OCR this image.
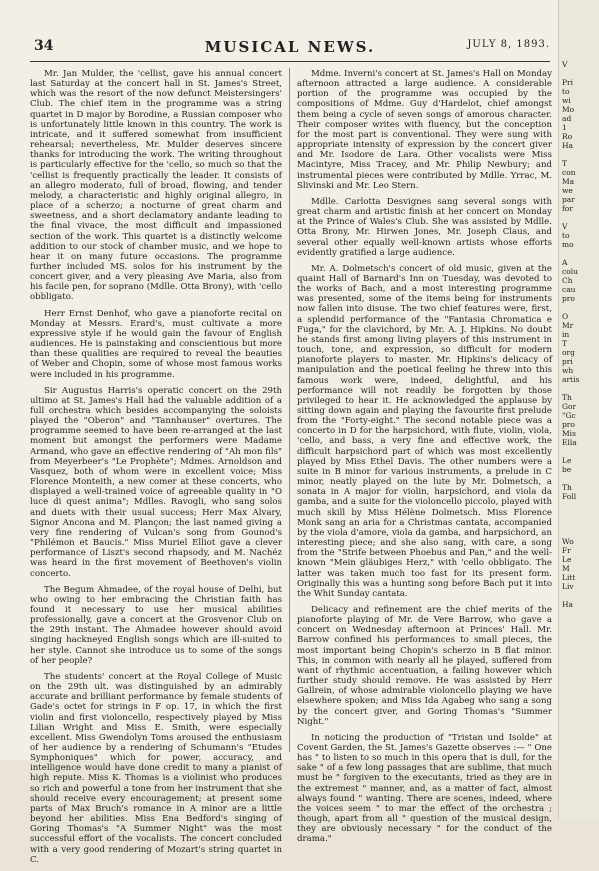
34	MUSICAL NEWS.	JULY 8, 1893.

Mr. Jan Mulder, the 'cellist, gave his annual concert last Saturday at the concert hall in St. James's Street, which was the resort of the now defunct Meistersingers' Club. The chief item in the programme was a string quartet in D major by Borodine, a Russian composer who is unfortunately little known in this country. The work is intricate, and it suffered somewhat from insufficient rehearsal; nevertheless, Mr. Mulder deserves sincere thanks for introducing the work. The writing throughout is particularly effective for the 'cello, so much so that the 'cellist is frequently practically the leader. It consists of an allegro moderato, full of broad, flowing, and tender melody, a characteristic and highly original allegro, in place of a scherzo; a nocturne of great charm and sweetness, and a short declamatory andante leading to the final vivace, the most difficult and impassioned section of the work. This quartet is a distinctly welcome addition to our stock of chamber music, and we hope to hear it on many future occasions. The programme further included MS. solos for his instrument by the concert giver, and a very pleasing Ave Maria, also from his facile pen, for soprano (Mdlle. Otta Brony), with 'cello obbligato.

Herr Ernst Denhof, who gave a pianoforte recital on Monday at Messrs. Erard's, must cultivate a more expressive style if he would gain the favour of English audiences. He is painstaking and conscientious but more than these qualities are required to reveal the beauties of Weber and Chopin, some of whose most famous works were included in his programme.

Sir Augustus Harris's operatic concert on the 29th ultimo at St. James's Hall had the valuable addition of a full orchestra which besides accompanying the soloists played the "Oberon" and "Tannhauser" overtures. The programme seemed to have been re-arranged at the last moment but amongst the performers were Madame Armand, who gave an effective rendering of "Ah mon fils" from Meyerbeer's "Le Prophète"; Mdmes. Arnoldson and Vasquez, both of whom were in excellent voice; Miss Florence Monteith, a new comer at these concerts, who displayed a well-trained voice of agreeable quality in "O luce di quest anima"; Mdlles. Ravogli, who sang solos and duets with their usual success; Herr Max Alvary, Signor Ancona and M. Plançon; the last named giving a very fine rendering of Vulcan's song from Gounod's "Philémon et Baucis." Miss Muriel Elliot gave a clever performance of Liszt's second rhapsody, and M. Nachéz was heard in the first movement of Beethoven's violin concerto.

The Begum Ahmadee, of the royal house of Delhi, but who owing to her embracing the Christian faith has found it necessary to use her musical abilities professionally, gave a concert at the Grosvenor Club on the 29th instant. The Ahmadee however should avoid singing hackneyed English songs which are ill-suited to her style. Cannot she introduce us to some of the songs of her people?

The students' concert at the Royal College of Music on the 29th ult. was distinguished by an admirably accurate and brilliant performance by female students of Gade's octet for strings in F op. 17, in which the first violin and first violoncello, respectively played by Miss Lilian Wright and Miss E. Smith, were especially excellent. Miss Gwendolyn Toms aroused the enthusiasm of her audience by a rendering of Schumann's "Etudes Symphoniques" which for power, accuracy, and intelligence would have done credit to many a pianist of high repute. Miss K. Thomas is a violinist who produces so rich and powerful a tone from her instrument that she should receive every encouragement; at present some parts of Max Bruch's romance in A minor are a little beyond her abilities. Miss Ena Bedford's singing of Goring Thomas's "A Summer Night" was the most successful effort of the vocalists. The concert concluded with a very good rendering of Mozart's string quartet in C.

Mdme. Inverni's concert at St. James's Hall on Monday afternoon attracted a large audience. A considerable portion of the programme was occupied by the compositions of Mdme. Guy d'Hardelot, chief amongst them being a cycle of seven songs of amorous character. Their composer writes with fluency, but the conception for the most part is conventional. They were sung with appropriate intensity of expression by the concert giver and Mr. Isodore de Lara. Other vocalists were Miss Macintyre, Miss Tracey, and Mr. Philip Newbury; and instrumental pieces were contributed by Mdlle. Yrrac, M. Slivinski and Mr. Leo Stern.

Mdlle. Carlotta Desvignes sang several songs with great charm and artistic finish at her concert on Monday at the Prince of Wales's Club. She was assisted by Mdlle. Otta Brony, Mr. Hirwen Jones, Mr. Joseph Claus, and several other equally well-known artists whose efforts evidently gratified a large audience.

Mr. A. Dolmetsch's concert of old music, given at the quaint Hall of Barnard's Inn on Tuesday, was devoted to the works of Bach, and a most interesting programme was presented, some of the items being for instruments now fallen into disuse. The two chief features were, first, a splendid performance of the "Fantasia Chromatica e Fuga," for the clavichord, by Mr. A. J. Hipkins. No doubt he stands first among living players of this instrument in touch, tone, and expression, so difficult for modern pianoforte players to master. Mr. Hipkins's delicacy of manipulation and the poetical feeling he threw into this famous work were, indeed, delightful, and his performance will not readily be forgotten by those privileged to hear it. He acknowledged the applause by sitting down again and playing the favourite first prelude from the "Forty-eight." The second notable piece was a concerto in D for the harpsichord, with flute, violin, viola, 'cello, and bass, a very fine and effective work, the difficult harpsichord part of which was most excellently played by Miss Ethel Davis. The other numbers were a suite in B minor for various instruments, a prelude in C minor, neatly played on the lute by Mr. Dolmetsch, a sonata in A major for violin, harpsichord, and viola da gamba, and a suite for the violoncello piccolo, played with much skill by Miss Hélène Dolmetsch. Miss Florence Monk sang an aria for a Christmas cantata, accompanied by the viola d'amore, viola da gamba, and harpsichord, an interesting piece; and she also sang, with care, a song from the "Strife between Phoebus and Pan," and the well-known "Mein gläubiges Herz," with 'cello obbligato. The latter was taken much too fast for its present form. Originally this was a hunting song before Bach put it into the Whit Sunday cantata.

Delicacy and refinement are the chief merits of the pianoforte playing of Mr. de Vere Barrow, who gave a concert on Wednesday afternoon at Princes' Hall. Mr. Barrow confined his performances to small pieces, the most important being Chopin's scherzo in B flat minor. This, in common with nearly all he played, suffered from want of rhythmic accentuation, a failing however which further study should remove. He was assisted by Herr Gallrein, of whose admirable violoncello playing we have elsewhere spoken; and Miss Ida Agabeg who sang a song by the concert giver, and Goring Thomas's "Summer Night."

In noticing the production of "Tristan und Isolde" at Covent Garden, the St. James's Gazette observes :— " One has " to listen to so much in this opera that is dull, for the sake " of a few long passages that are sublime, that much must be " forgiven to the executants, tried as they are in the extremest " manner, and, as a matter of fact, almost always found " wanting. There are scenes, indeed, where the voices seem " to mar the effect of the orchestra ; though, apart from all " question of the musical design, they are obviously necessary " for the conduct of the drama."

V
Pri
to
wi
Mo
ad
1
Ro
Ha
T
con
Ma
we
par
for
V
to
mo
A
colu
Ch
cau
pro
O
Mr
in
T
org
pri
wh
artis
Th
Gor
"Gc
pro
Mis
Ella
Le
be
Th
Foll
Wo
Fr
Le
M
Litt
Liv
Ha
